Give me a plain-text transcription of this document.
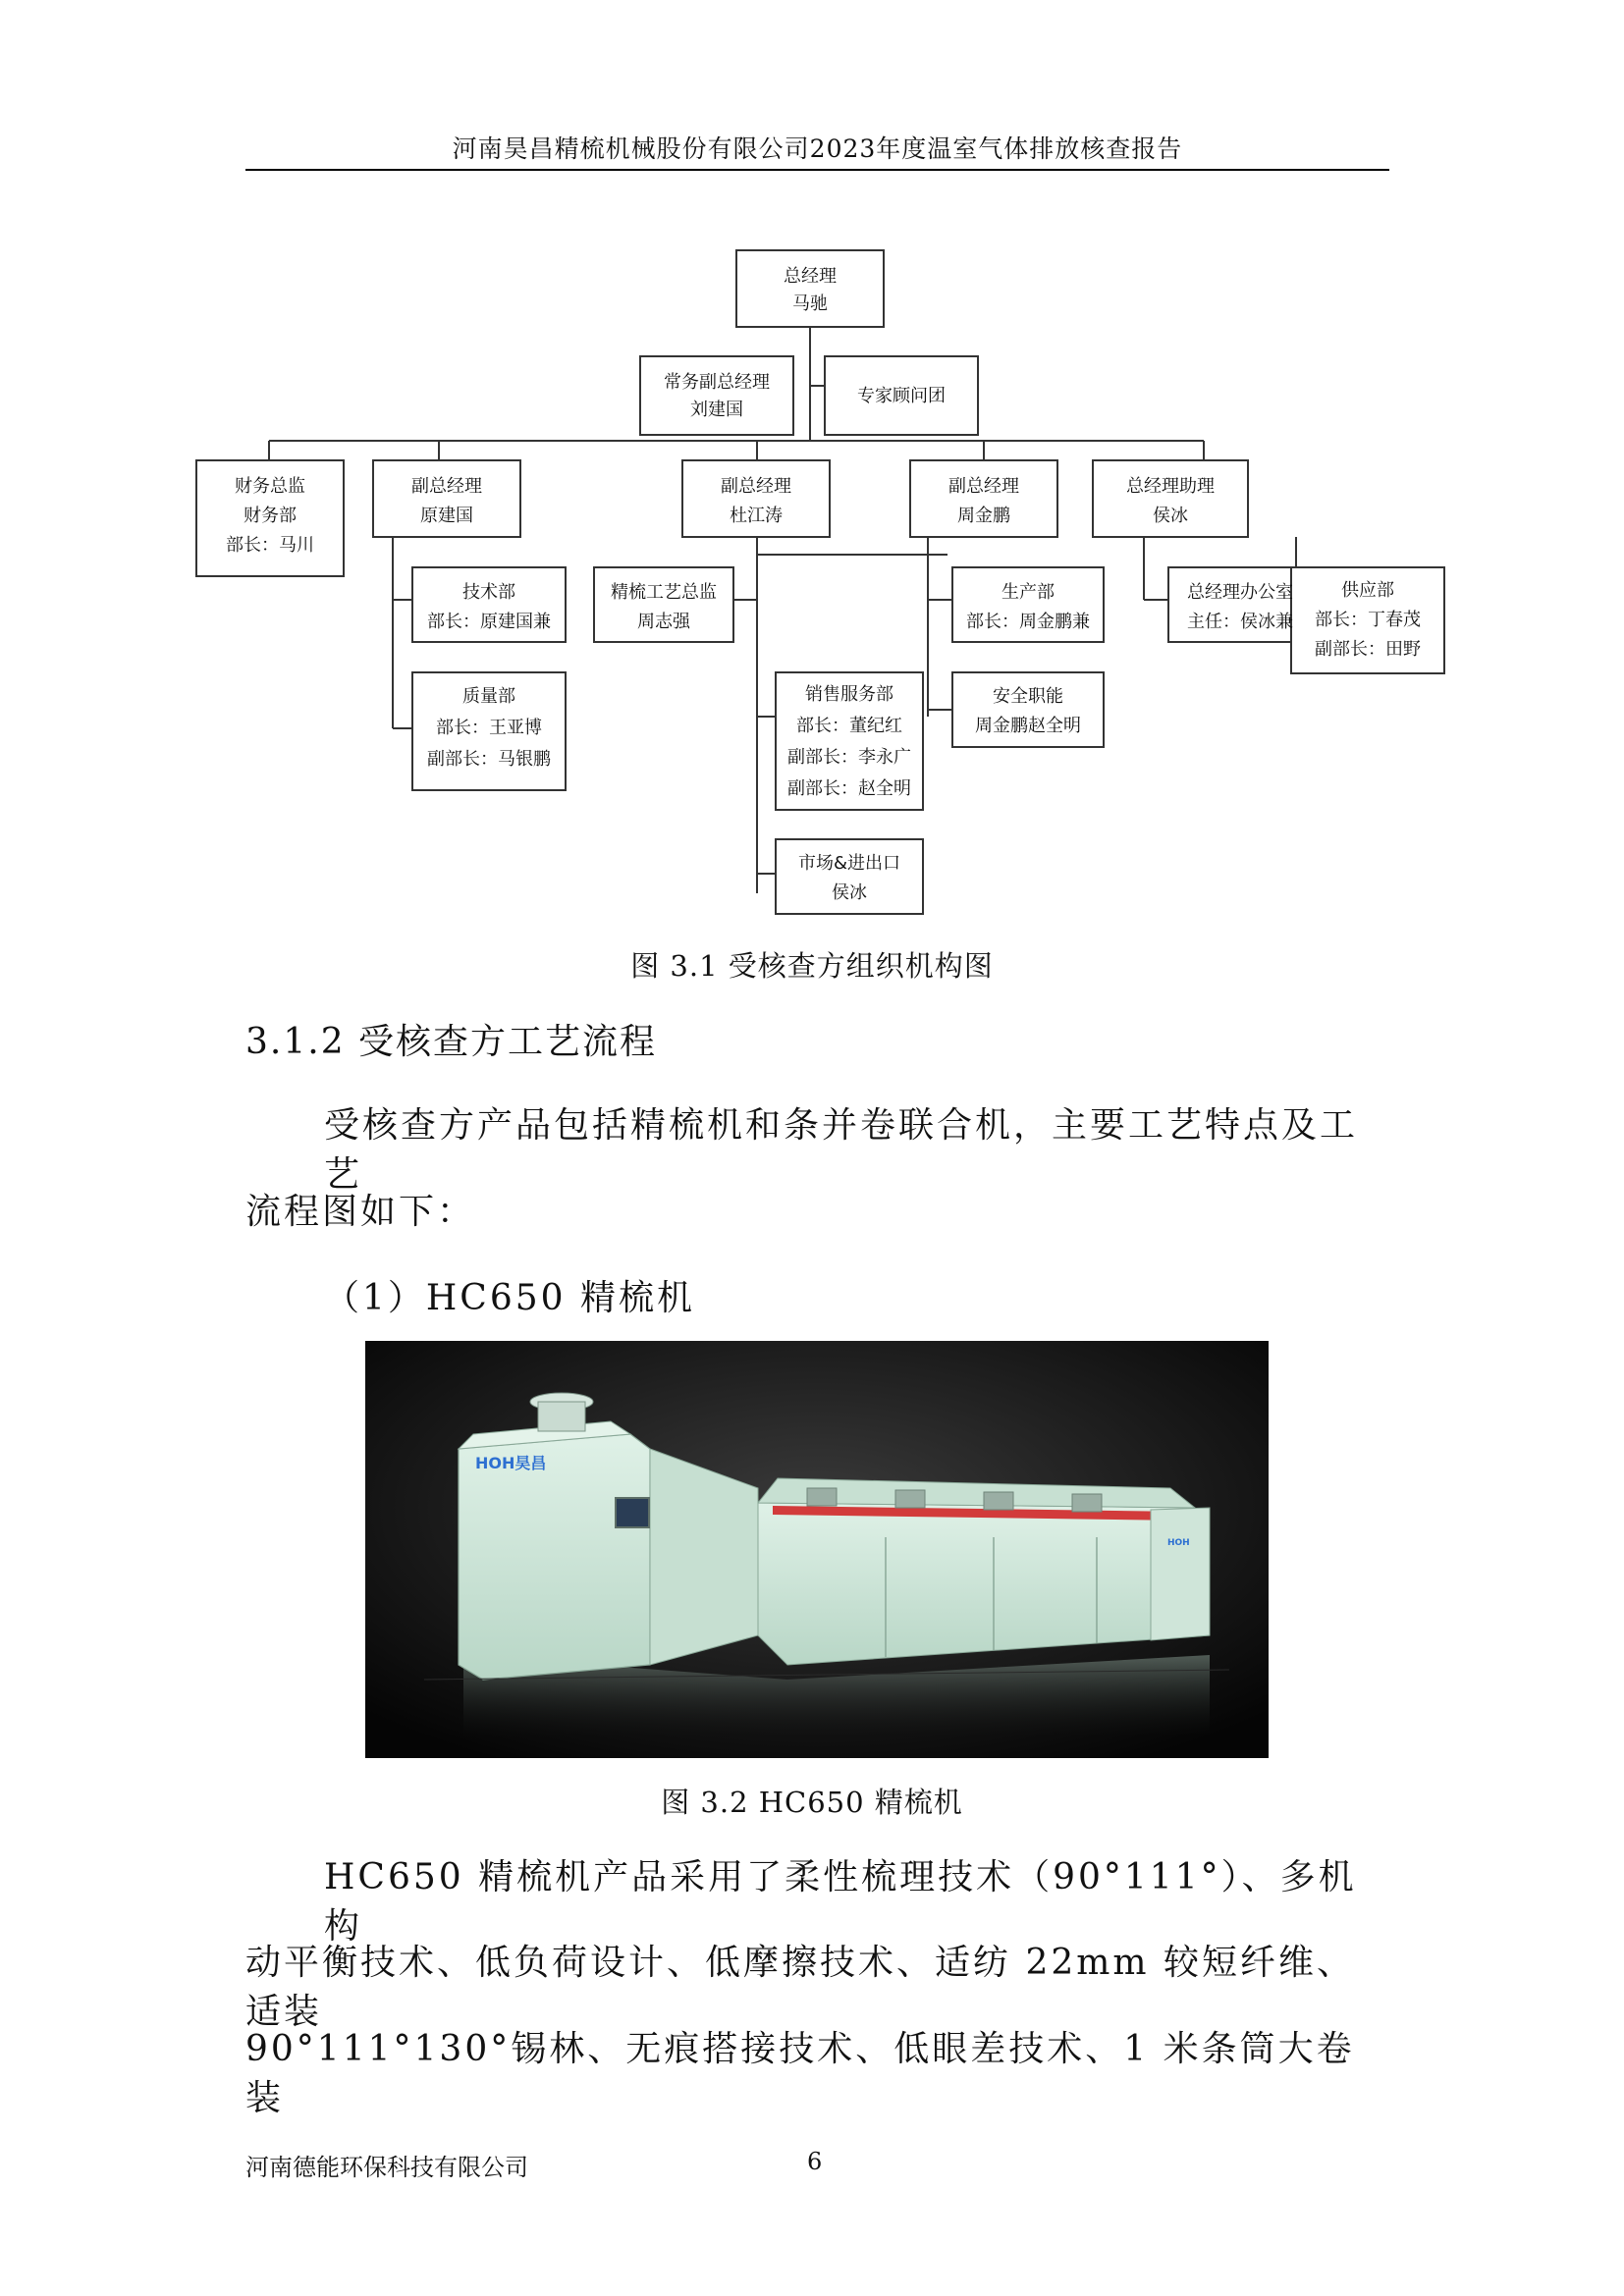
河南昊昌精梳机械股份有限公司2023年度温室气体排放核查报告
总经理马驰
常务副总经理刘建国
专家顾问团
财务总监财务部部长：马川
副总经理原建国
副总经理杜江涛
副总经理周金鹏
总经理助理侯冰
技术部部长：原建国兼
质量部部长：王亚博副部长：马银鹏
精梳工艺总监周志强
销售服务部部长：董纪红副部长：李永广副部长：赵全明
市场&进出口侯冰
生产部部长：周金鹏兼
安全职能周金鹏赵全明
总经理办公室主任：侯冰兼
供应部部长：丁春茂副部长：田野
图 3.1 受核查方组织机构图
3.1.2 受核查方工艺流程
受核查方产品包括精梳机和条并卷联合机，主要工艺特点及工艺
流程图如下：
（1）HC650 精梳机
HOH
HOH昊昌
图 3.2 HC650 精梳机
HC650 精梳机产品采用了柔性梳理技术（90°111°）、多机构
动平衡技术、低负荷设计、低摩擦技术、适纺 22mm 较短纤维、适装
90°111°130°锡林、无痕搭接技术、低眼差技术、1 米条筒大卷装
河南德能环保科技有限公司	6
